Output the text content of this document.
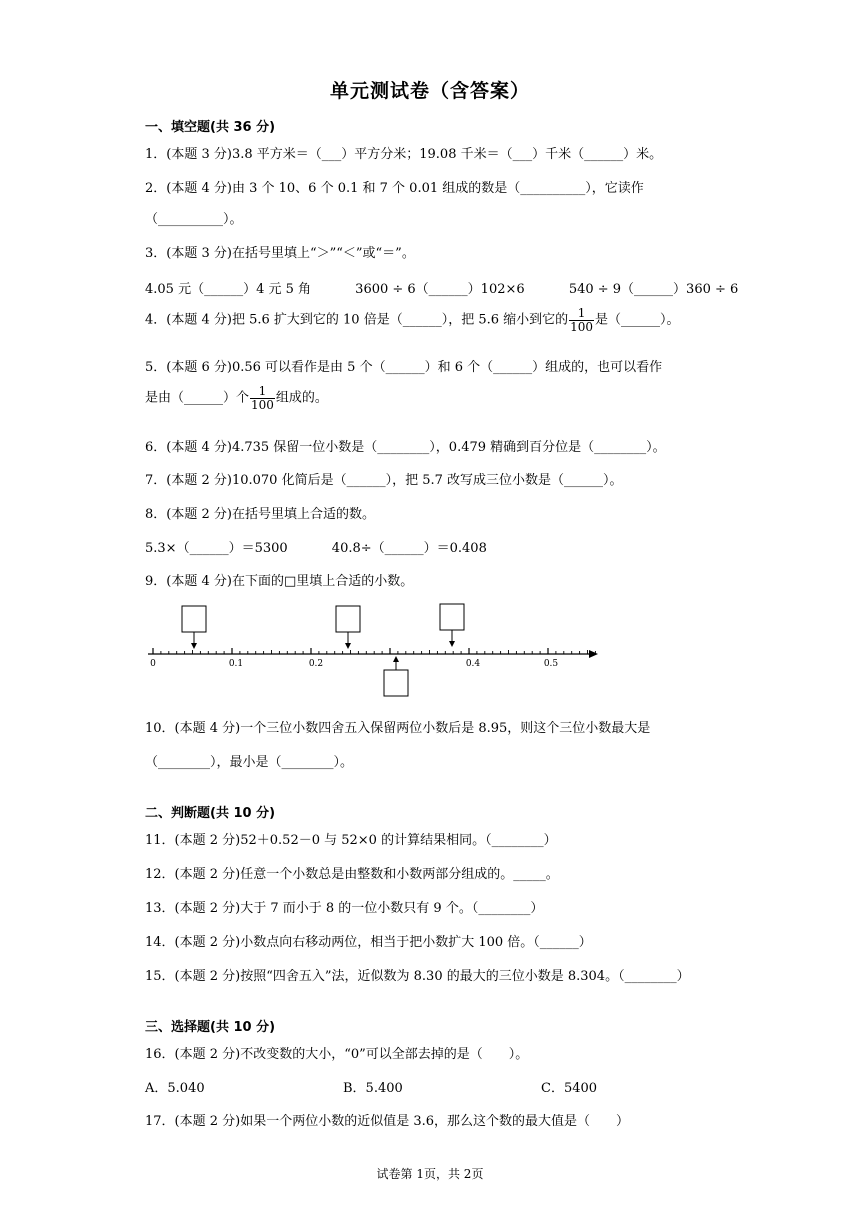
单元测试卷（含答案）
一、填空题(共 36 分)
1．(本题 3 分)3.8 平方米＝（___）平方分米；19.08 千米＝（___）千米（______）米。
2．(本题 4 分)由 3 个 10、6 个 0.1 和 7 个 0.01 组成的数是（__________），它读作
（__________）。
3．(本题 3 分)在括号里填上“＞”“＜”或“＝”。
4.05 元（______）4 元 5 角	3600 ÷ 6（______）102×6	540 ÷ 9（______）360 ÷ 6
4．(本题 4 分)把 5.6 扩大到它的 10 倍是（______），把 5.6 缩小到它的 $\frac{1}{100}$ 是（______）。
5．(本题 6 分)0.56 可以看作是由 5 个（______）和 6 个（______）组成的，也可以看作
是由（______）个 $\frac{1}{100}$ 组成的。
6．(本题 4 分)4.735 保留一位小数是（________），0.479 精确到百分位是（________）。
7．(本题 2 分)10.070 化简后是（______），把 5.7 改写成三位小数是（______）。
8．(本题 2 分)在括号里填上合适的数。
5.3×（______）＝5300	40.8÷（______）＝0.408
9．(本题 4 分)在下面的□里填上合适的小数。
0	0.1	0.2	0.4	0.5
10．(本题 4 分)一个三位小数四舍五入保留两位小数后是 8.95，则这个三位小数最大是
（________），最小是（________）。
二、判断题(共 10 分)
11．(本题 2 分)52＋0.52－0 与 52×0 的计算结果相同。（________）
12．(本题 2 分)任意一个小数总是由整数和小数两部分组成的。_____。
13．(本题 2 分)大于 7 而小于 8 的一位小数只有 9 个。（________）
14．(本题 2 分)小数点向右移动两位，相当于把小数扩大 100 倍。（______）
15．(本题 2 分)按照“四舍五入”法，近似数为 8.30 的最大的三位小数是 8.304。（________）
三、选择题(共 10 分)
16．(本题 2 分)不改变数的大小，“0”可以全部去掉的是（　　）。
A．5.040	B．5.400	C．5400
17．(本题 2 分)如果一个两位小数的近似值是 3.6，那么这个数的最大值是（　　）
试卷第 1页，共 2页
